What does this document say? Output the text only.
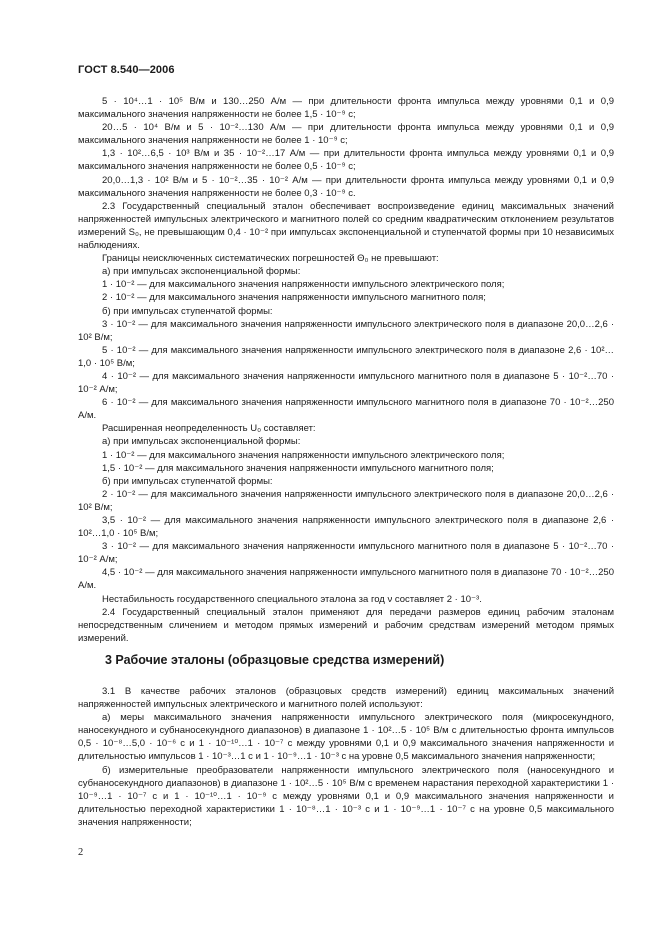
ГОСТ 8.540—2006

5 · 10⁴…1 · 10⁵ В/м и 130…250 А/м — при длительности фронта импульса между уровнями 0,1 и 0,9 максимального значения напряженности не более 1,5 · 10⁻⁹ с;

20…5 · 10⁴ В/м и 5 · 10⁻²…130 А/м — при длительности фронта импульса между уровнями 0,1 и 0,9 максимального значения напряженности не более 1 · 10⁻⁹ с;

1,3 · 10²…6,5 · 10³ В/м и 35 · 10⁻²…17 А/м — при длительности фронта импульса между уровнями 0,1 и 0,9 максимального значения напряженности не более 0,5 · 10⁻⁹ с;

20,0…1,3 · 10² В/м и 5 · 10⁻²…35 · 10⁻² А/м — при длительности фронта импульса между уровнями 0,1 и 0,9 максимального значения напряженности не более 0,3 · 10⁻⁹ с.

2.3 Государственный специальный эталон обеспечивает воспроизведение единиц максимальных значений напряженностей импульсных электрического и магнитного полей со средним квадратическим отклонением результатов измерений S₀, не превышающим 0,4 · 10⁻² при импульсах экспоненциальной и ступенчатой формы при 10 независимых наблюдениях.

Границы неисключенных систематических погрешностей Θ₀ не превышают:

а) при импульсах экспоненциальной формы:

1 · 10⁻² — для максимального значения напряженности импульсного электрического поля;

2 · 10⁻² — для максимального значения напряженности импульсного магнитного поля;

б) при импульсах ступенчатой формы:

3 · 10⁻² — для максимального значения напряженности импульсного электрического поля в диапазоне 20,0…2,6 · 10² В/м;

5 · 10⁻² — для максимального значения напряженности импульсного электрического поля в диапазоне 2,6 · 10²…1,0 · 10⁵ В/м;

4 · 10⁻² — для максимального значения напряженности импульсного магнитного поля в диапазоне 5 · 10⁻²…70 · 10⁻² А/м;

6 · 10⁻² — для максимального значения напряженности импульсного магнитного поля в диапазоне 70 · 10⁻²…250 А/м.

Расширенная неопределенность U₀ составляет:

а) при импульсах экспоненциальной формы:

1 · 10⁻² — для максимального значения напряженности импульсного электрического поля;

1,5 · 10⁻² — для максимального значения напряженности импульсного магнитного поля;

б) при импульсах ступенчатой формы:

2 · 10⁻² — для максимального значения напряженности импульсного электрического поля в диапазоне 20,0…2,6 · 10² В/м;

3,5 · 10⁻² — для максимального значения напряженности импульсного электрического поля в диапазоне 2,6 · 10²…1,0 · 10⁵ В/м;

3 · 10⁻² — для максимального значения напряженности импульсного магнитного поля в диапазоне 5 · 10⁻²…70 · 10⁻² А/м;

4,5 · 10⁻² — для максимального значения напряженности импульсного магнитного поля в диапазоне 70 · 10⁻²…250 А/м.

Нестабильность государственного специального эталона за год ν составляет 2 · 10⁻³.

2.4 Государственный специальный эталон применяют для передачи размеров единиц рабочим эталонам непосредственным сличением и методом прямых измерений и рабочим средствам измерений методом прямых измерений.

3 Рабочие эталоны (образцовые средства измерений)

3.1 В качестве рабочих эталонов (образцовых средств измерений) единиц максимальных значений напряженностей импульсных электрического и магнитного полей используют:

а) меры максимального значения напряженности импульсного электрического поля (микросекундного, наносекундного и субнаносекундного диапазонов) в диапазоне 1 · 10²…5 · 10⁵ В/м с длительностью фронта импульсов 0,5 · 10⁻⁸…5,0 · 10⁻⁶ с и 1 · 10⁻¹⁰…1 · 10⁻⁷ с между уровнями 0,1 и 0,9 максимального значения напряженности и длительностью импульсов 1 · 10⁻³…1 с и 1 · 10⁻⁹…1 · 10⁻³ с на уровне 0,5 максимального значения напряженности;

б) измерительные преобразователи напряженности импульсного электрического поля (наносекундного и субнаносекундного диапазонов) в диапазоне 1 · 10²…5 · 10⁵ В/м с временем нарастания переходной характеристики 1 · 10⁻⁹…1 · 10⁻⁷ с и 1 · 10⁻¹⁰…1 · 10⁻⁹ с между уровнями 0,1 и 0,9 максимального значения напряженности и длительностью переходной характеристики 1 · 10⁻⁸…1 · 10⁻³ с и 1 · 10⁻⁹…1 · 10⁻⁷ с на уровне 0,5 максимального значения напряженности;

2
